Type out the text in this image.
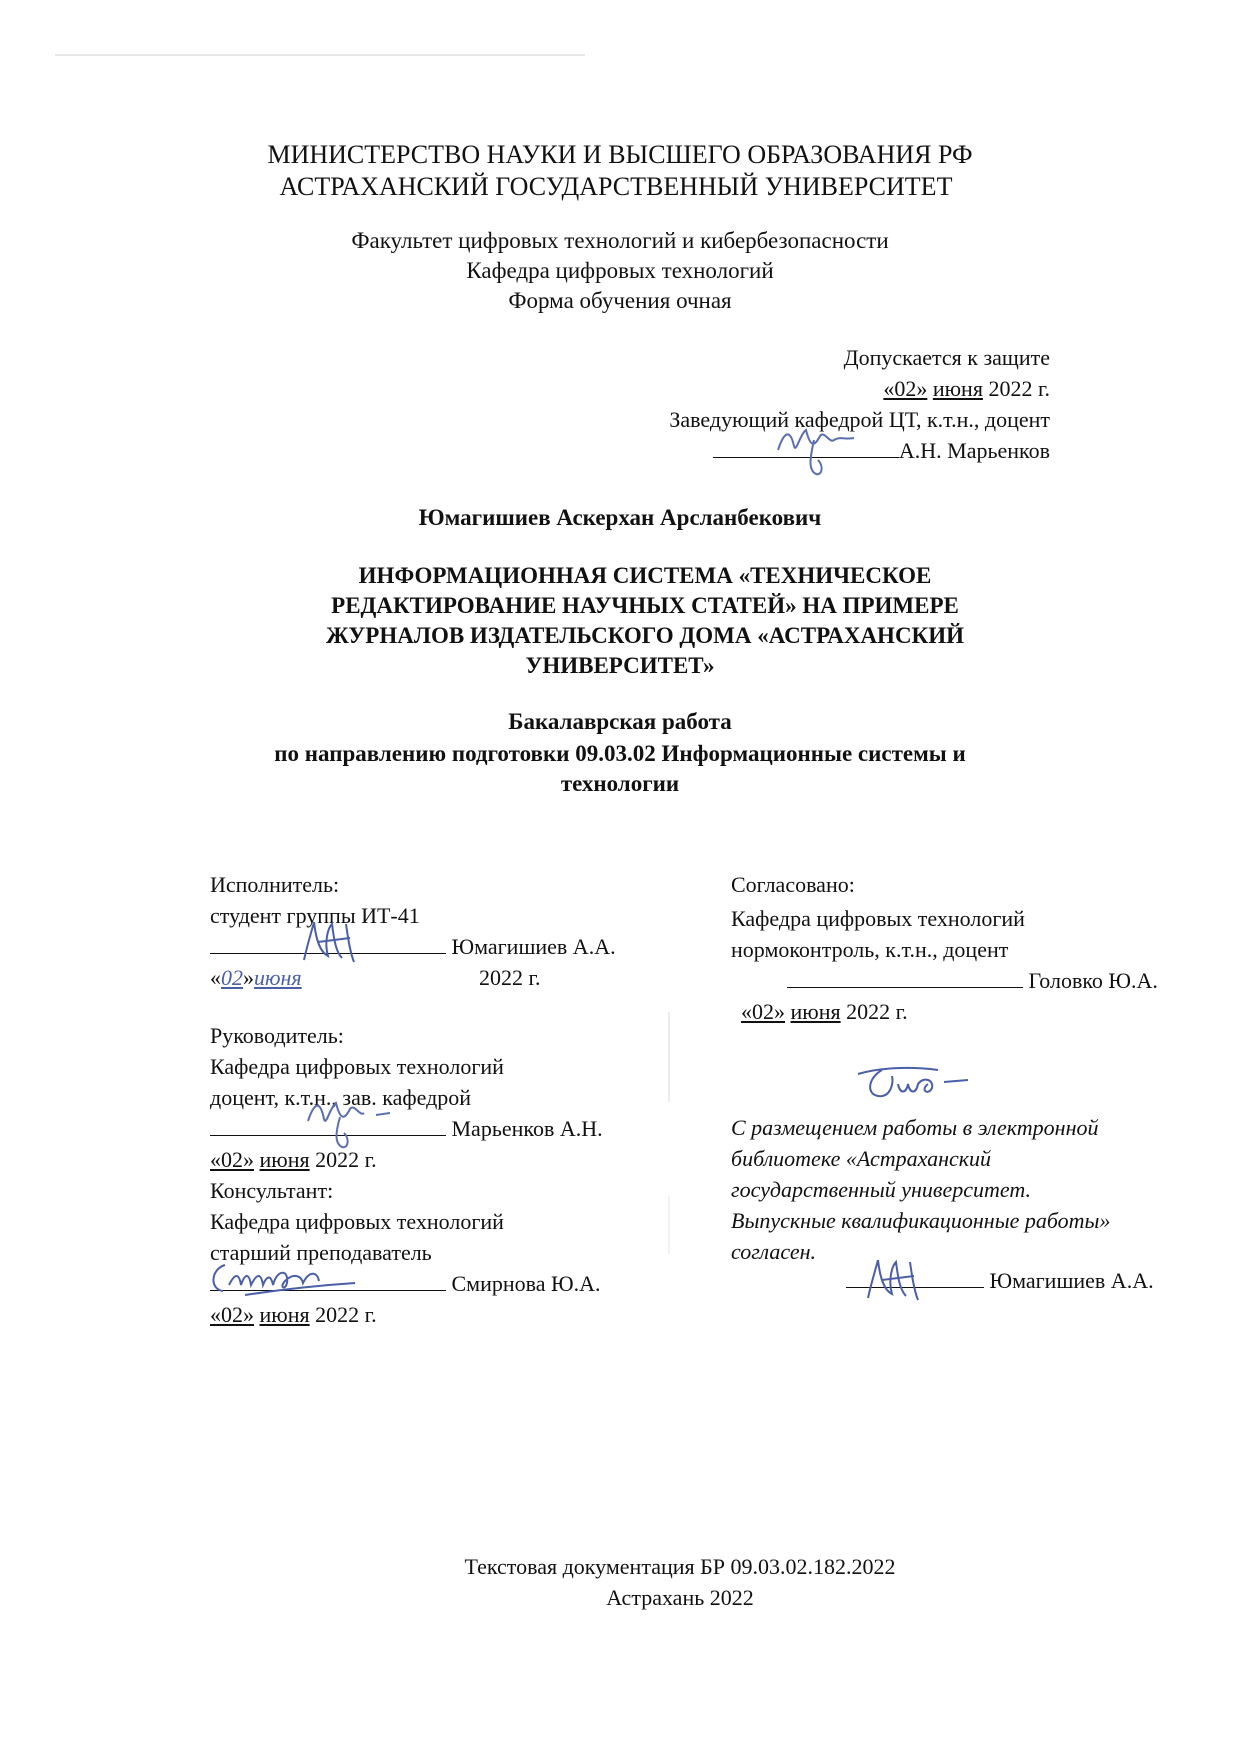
МИНИСТЕРСТВО НАУКИ И ВЫСШЕГО ОБРАЗОВАНИЯ РФ
АСТРАХАНСКИЙ ГОСУДАРСТВЕННЫЙ УНИВЕРСИТЕТ
Факультет цифровых технологий и кибербезопасности
Кафедра цифровых технологий
Форма обучения очная
Допускается к защите
«02» июня 2022 г.
Заведующий кафедрой ЦТ, к.т.н., доцент
А.Н. Марьенков
Юмагишиев Аскерхан Арсланбекович
ИНФОРМАЦИОННАЯ СИСТЕМА «ТЕХНИЧЕСКОЕ
РЕДАКТИРОВАНИЕ НАУЧНЫХ СТАТЕЙ» НА ПРИМЕРЕ
ЖУРНАЛОВ ИЗДАТЕЛЬСКОГО ДОМА «АСТРАХАНСКИЙ
УНИВЕРСИТЕТ»
Бакалаврская работа
по направлению подготовки 09.03.02 Информационные системы и
технологии
Исполнитель:
студент группы ИТ-41
Юмагишиев А.А.
«02»июня	2022 г.
Руководитель:
Кафедра цифровых технологий
доцент, к.т.н., зав. кафедрой
Марьенков А.Н.
«02» июня 2022 г.
Консультант:
Кафедра цифровых технологий
старший преподаватель
Смирнова Ю.А.
«02» июня 2022 г.
Согласовано:
Кафедра цифровых технологий
нормоконтроль, к.т.н., доцент
Головко Ю.А.
«02» июня 2022 г.
С размещением работы в электронной
библиотеке «Астраханский
государственный университет.
Выпускные квалификационные работы»
согласен.
Юмагишиев А.А.
Текстовая документация БР 09.03.02.182.2022
Астрахань 2022
